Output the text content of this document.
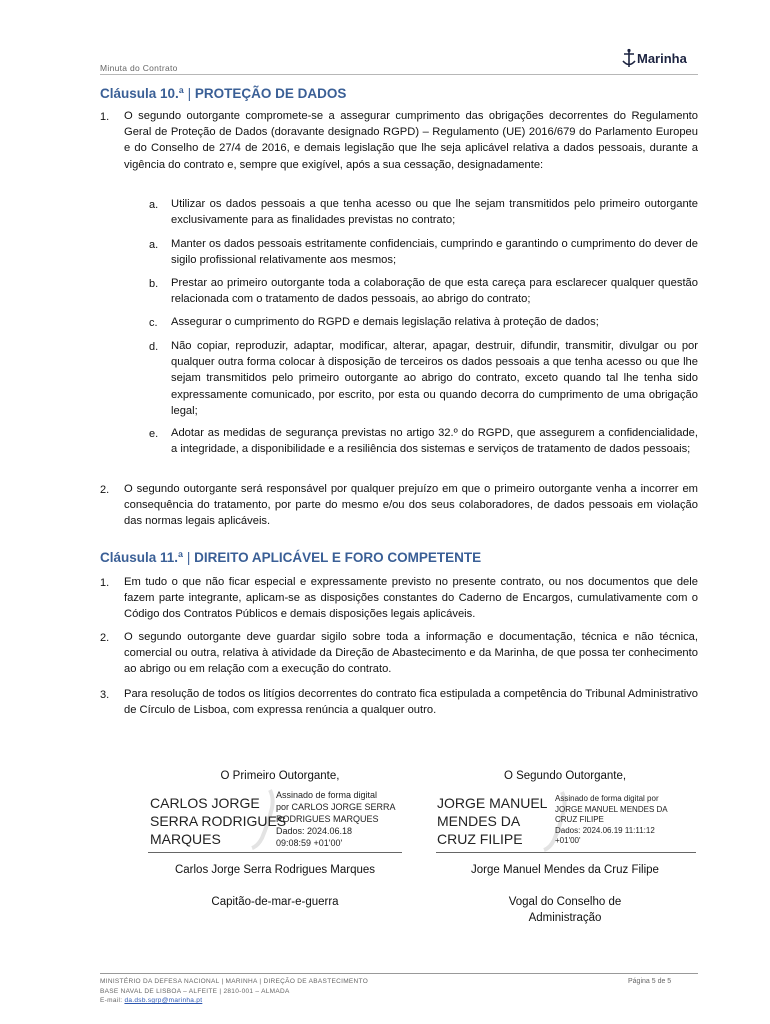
Minuta do Contrato
Marinha
Cláusula 10.ª | PROTEÇÃO DE DADOS
1. O segundo outorgante compromete-se a assegurar cumprimento das obrigações decorrentes do Regulamento Geral de Proteção de Dados (doravante designado RGPD) – Regulamento (UE) 2016/679 do Parlamento Europeu e do Conselho de 27/4 de 2016, e demais legislação que lhe seja aplicável relativa a dados pessoais, durante a vigência do contrato e, sempre que exigível, após a sua cessação, designadamente:
a. Utilizar os dados pessoais a que tenha acesso ou que lhe sejam transmitidos pelo primeiro outorgante exclusivamente para as finalidades previstas no contrato;
a. Manter os dados pessoais estritamente confidenciais, cumprindo e garantindo o cumprimento do dever de sigilo profissional relativamente aos mesmos;
b. Prestar ao primeiro outorgante toda a colaboração de que esta careça para esclarecer qualquer questão relacionada com o tratamento de dados pessoais, ao abrigo do contrato;
c. Assegurar o cumprimento do RGPD e demais legislação relativa à proteção de dados;
d. Não copiar, reproduzir, adaptar, modificar, alterar, apagar, destruir, difundir, transmitir, divulgar ou por qualquer outra forma colocar à disposição de terceiros os dados pessoais a que tenha acesso ou que lhe sejam transmitidos pelo primeiro outorgante ao abrigo do contrato, exceto quando tal lhe tenha sido expressamente comunicado, por escrito, por esta ou quando decorra do cumprimento de uma obrigação legal;
e. Adotar as medidas de segurança previstas no artigo 32.º do RGPD, que assegurem a confidencialidade, a integridade, a disponibilidade e a resiliência dos sistemas e serviços de tratamento de dados pessoais;
2. O segundo outorgante será responsável por qualquer prejuízo em que o primeiro outorgante venha a incorrer em consequência do tratamento, por parte do mesmo e/ou dos seus colaboradores, de dados pessoais em violação das normas legais aplicáveis.
Cláusula 11.ª | DIREITO APLICÁVEL E FORO COMPETENTE
1. Em tudo o que não ficar especial e expressamente previsto no presente contrato, ou nos documentos que dele fazem parte integrante, aplicam-se as disposições constantes do Caderno de Encargos, cumulativamente com o Código dos Contratos Públicos e demais disposições legais aplicáveis.
2. O segundo outorgante deve guardar sigilo sobre toda a informação e documentação, técnica e não técnica, comercial ou outra, relativa à atividade da Direção de Abastecimento e da Marinha, de que possa ter conhecimento ao abrigo ou em relação com a execução do contrato.
3. Para resolução de todos os litígios decorrentes do contrato fica estipulada a competência do Tribunal Administrativo de Círculo de Lisboa, com expressa renúncia a qualquer outro.
O Primeiro Outorgante,	O Segundo Outorgante,
CARLOS JORGE
SERRA RODRIGUES
MARQUES
Assinado de forma digital
por CARLOS JORGE SERRA
RODRIGUES MARQUES
Dados: 2024.06.18
09:08:59 +01'00'
JORGE MANUEL
MENDES DA
CRUZ FILIPE
Assinado de forma digital por
JORGE MANUEL MENDES DA
CRUZ FILIPE
Dados: 2024.06.19 11:11:12
+01'00'
Carlos Jorge Serra Rodrigues Marques	Jorge Manuel Mendes da Cruz Filipe
Capitão-de-mar-e-guerra	Vogal do Conselho de
Administração
MINISTÉRIO DA DEFESA NACIONAL | MARINHA | DIREÇÃO DE ABASTECIMENTO
BASE NAVAL DE LISBOA – ALFEITE | 2810-001 – ALMADA
E-mail: da.dsb.sgrp@marinha.pt
Página 5 de 5
